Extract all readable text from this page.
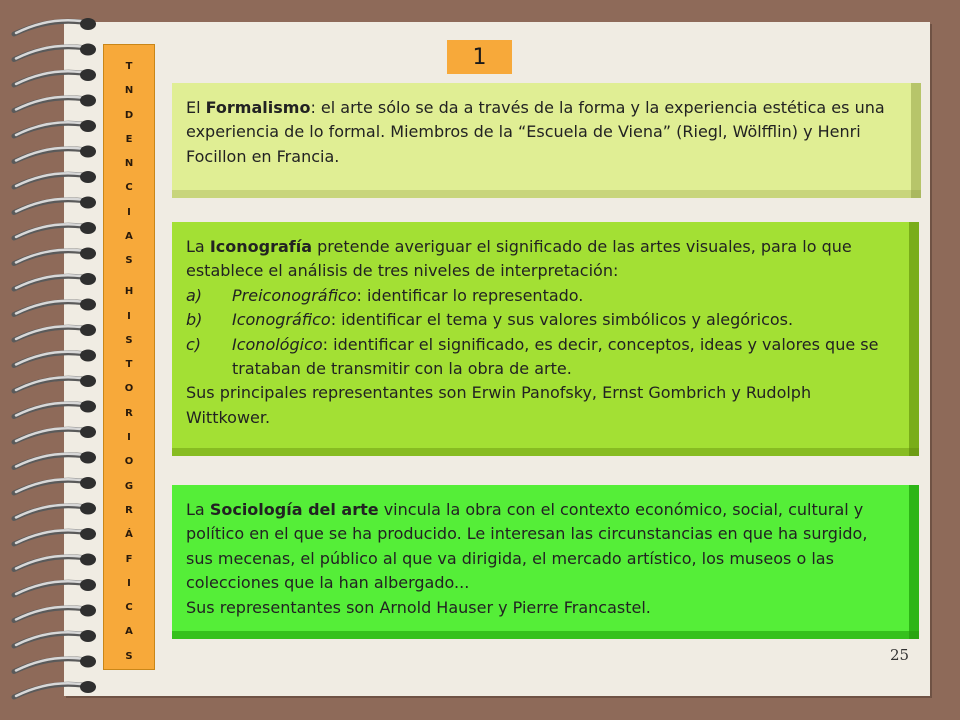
T
N
D
E
N
C
I
A
S
H
I
S
T
O
R
I
O
G
R
Á
F
I
C
A
S
1

El Formalismo: el arte sólo se da a través de la forma y la experiencia estética es una experiencia de lo formal. Miembros de la “Escuela de Viena” (Riegl, Wölfflin) y Henri Focillon en Francia.

La Iconografía pretende averiguar el significado de las artes visuales, para lo que establece el análisis de tres niveles de interpretación:

a)	Preiconográfico: identificar lo representado.
b)	Iconográfico: identificar el tema y sus valores simbólicos y alegóricos.
c)	Iconológico: identificar el significado, es decir, conceptos, ideas y valores que se trataban de transmitir con la obra de arte.

Sus principales representantes son Erwin Panofsky, Ernst Gombrich y Rudolph Wittkower.

La Sociología del arte vincula la obra con el contexto económico, social, cultural y político en el que se ha producido. Le interesan las circunstancias en que ha surgido, sus mecenas, el público al que va dirigida, el mercado artístico, los museos o las colecciones que la han albergado...

Sus representantes son Arnold Hauser y Pierre Francastel.

25
